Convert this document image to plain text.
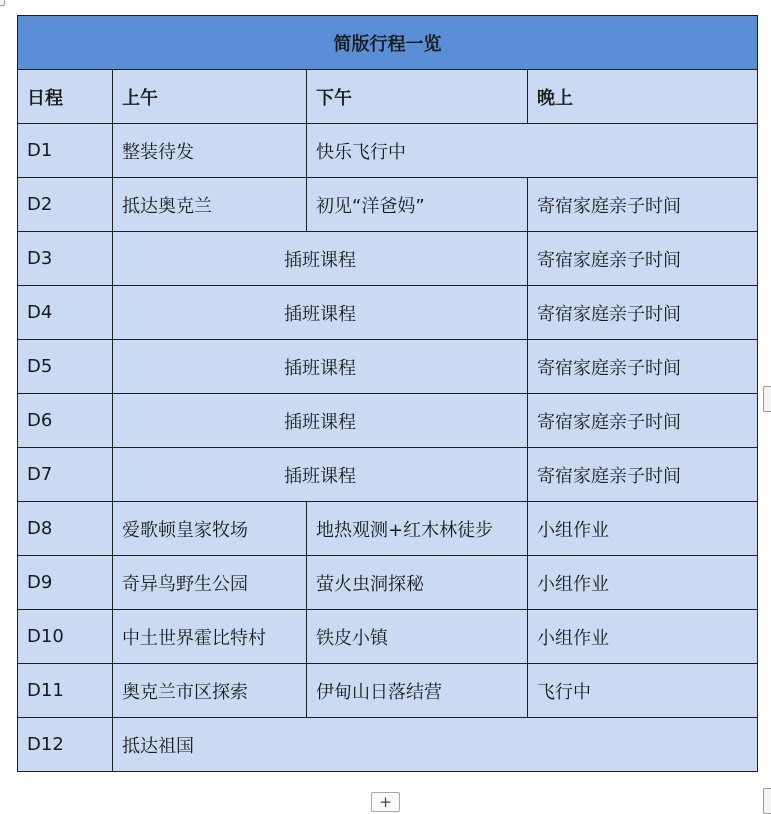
简版行程一览			
日程	上午	下午	晚上
D1	整装待发	快乐飞行中	
D2	抵达奥克兰	初见“洋爸妈”	寄宿家庭亲子时间
D3	插班课程		寄宿家庭亲子时间
D4	插班课程		寄宿家庭亲子时间
D5	插班课程		寄宿家庭亲子时间
D6	插班课程		寄宿家庭亲子时间
D7	插班课程		寄宿家庭亲子时间
D8	爱歌顿皇家牧场	地热观测+红木林徒步	小组作业
D9	奇异鸟野生公园	萤火虫洞探秘	小组作业
D10	中土世界霍比特村	铁皮小镇	小组作业
D11	奥克兰市区探索	伊甸山日落结营	飞行中
D12	抵达祖国		
+
